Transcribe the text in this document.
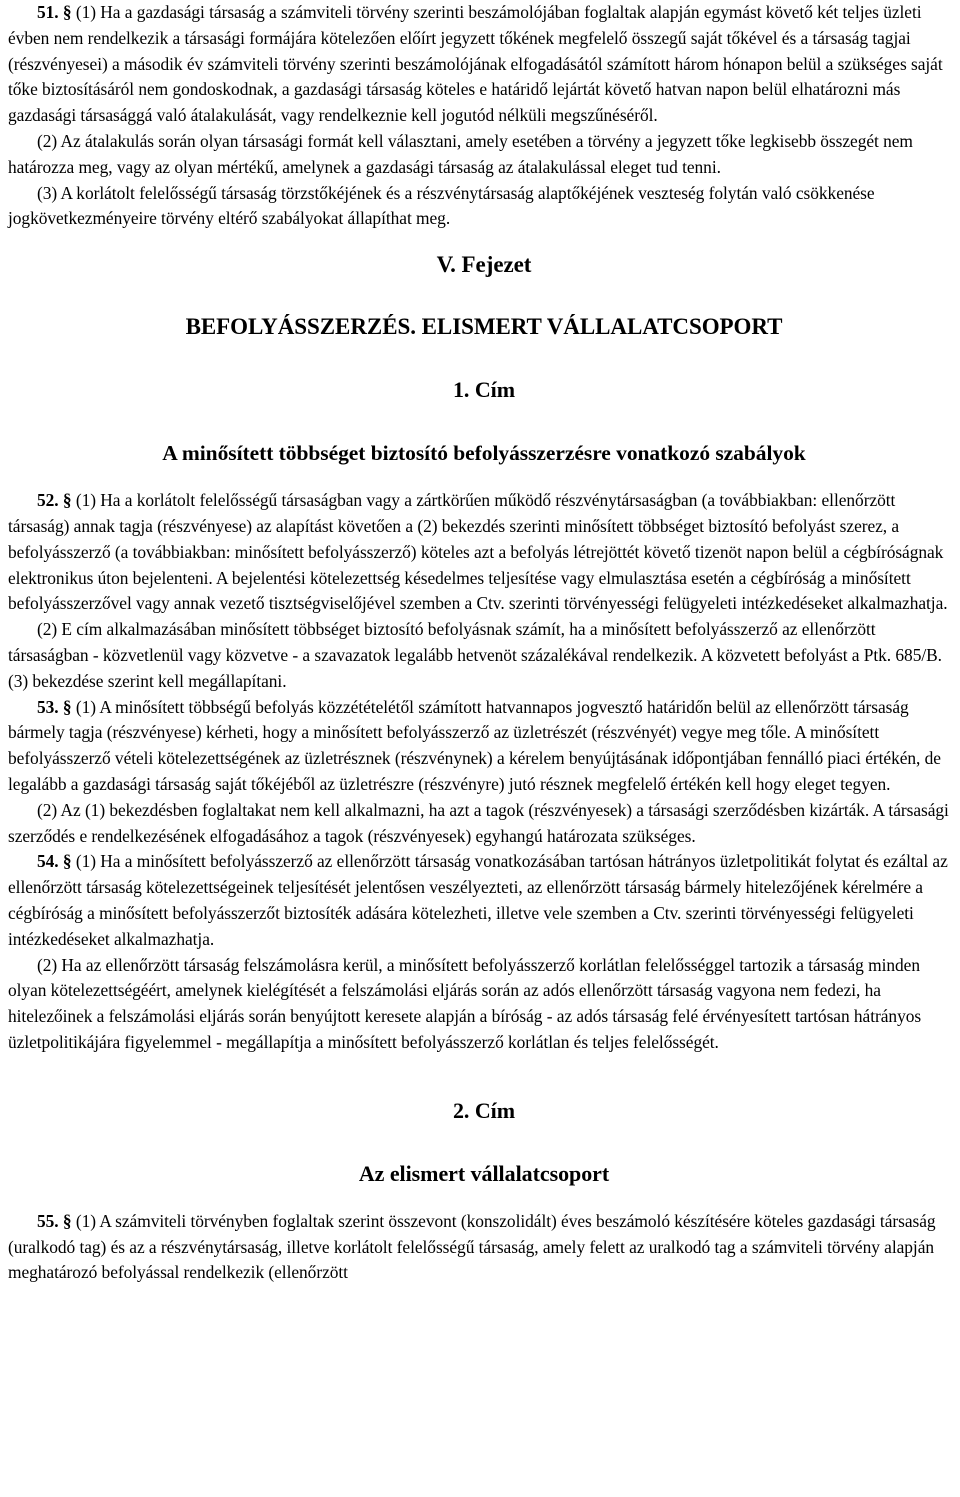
51. § (1) Ha a gazdasági társaság a számviteli törvény szerinti beszámolójában foglaltak alapján egymást követő két teljes üzleti évben nem rendelkezik a társasági formájára kötelezően előírt jegyzett tőkének megfelelő összegű saját tőkével és a társaság tagjai (részvényesei) a második év számviteli törvény szerinti beszámolójának elfogadásától számított három hónapon belül a szükséges saját tőke biztosításáról nem gondoskodnak, a gazdasági társaság köteles e határidő lejártát követő hatvan napon belül elhatározni más gazdasági társasággá való átalakulását, vagy rendelkeznie kell jogutód nélküli megszűnéséről.

(2) Az átalakulás során olyan társasági formát kell választani, amely esetében a törvény a jegyzett tőke legkisebb összegét nem határozza meg, vagy az olyan mértékű, amelynek a gazdasági társaság az átalakulással eleget tud tenni.

(3) A korlátolt felelősségű társaság törzstőkéjének és a részvénytársaság alaptőkéjének veszteség folytán való csökkenése jogkövetkezményeire törvény eltérő szabályokat állapíthat meg.

V. Fejezet

BEFOLYÁSSZERZÉS. ELISMERT VÁLLALATCSOPORT

1. Cím

A minősített többséget biztosító befolyásszerzésre vonatkozó szabályok

52. § (1) Ha a korlátolt felelősségű társaságban vagy a zártkörűen működő részvénytársaságban (a továbbiakban: ellenőrzött társaság) annak tagja (részvényese) az alapítást követően a (2) bekezdés szerinti minősített többséget biztosító befolyást szerez, a befolyásszerző (a továbbiakban: minősített befolyásszerző) köteles azt a befolyás létrejöttét követő tizenöt napon belül a cégbíróságnak elektronikus úton bejelenteni. A bejelentési kötelezettség késedelmes teljesítése vagy elmulasztása esetén a cégbíróság a minősített befolyásszerzővel vagy annak vezető tisztségviselőjével szemben a Ctv. szerinti törvényességi felügyeleti intézkedéseket alkalmazhatja.

(2) E cím alkalmazásában minősített többséget biztosító befolyásnak számít, ha a minősített befolyásszerző az ellenőrzött társaságban - közvetlenül vagy közvetve - a szavazatok legalább hetvenöt százalékával rendelkezik. A közvetett befolyást a Ptk. 685/B. (3) bekezdése szerint kell megállapítani.

53. § (1) A minősített többségű befolyás közzétételétől számított hatvannapos jogvesztő határidőn belül az ellenőrzött társaság bármely tagja (részvényese) kérheti, hogy a minősített befolyásszerző az üzletrészét (részvényét) vegye meg tőle. A minősített befolyásszerző vételi kötelezettségének az üzletrésznek (részvénynek) a kérelem benyújtásának időpontjában fennálló piaci értékén, de legalább a gazdasági társaság saját tőkéjéből az üzletrészre (részvényre) jutó résznek megfelelő értékén kell hogy eleget tegyen.

(2) Az (1) bekezdésben foglaltakat nem kell alkalmazni, ha azt a tagok (részvényesek) a társasági szerződésben kizárták. A társasági szerződés e rendelkezésének elfogadásához a tagok (részvényesek) egyhangú határozata szükséges.

54. § (1) Ha a minősített befolyásszerző az ellenőrzött társaság vonatkozásában tartósan hátrányos üzletpolitikát folytat és ezáltal az ellenőrzött társaság kötelezettségeinek teljesítését jelentősen veszélyezteti, az ellenőrzött társaság bármely hitelezőjének kérelmére a cégbíróság a minősített befolyásszerzőt biztosíték adására kötelezheti, illetve vele szemben a Ctv. szerinti törvényességi felügyeleti intézkedéseket alkalmazhatja.

(2) Ha az ellenőrzött társaság felszámolásra kerül, a minősített befolyásszerző korlátlan felelősséggel tartozik a társaság minden olyan kötelezettségéért, amelynek kielégítését a felszámolási eljárás során az adós ellenőrzött társaság vagyona nem fedezi, ha hitelezőinek a felszámolási eljárás során benyújtott keresete alapján a bíróság - az adós társaság felé érvényesített tartósan hátrányos üzletpolitikájára figyelemmel - megállapítja a minősített befolyásszerző korlátlan és teljes felelősségét.

2. Cím

Az elismert vállalatcsoport

55. § (1) A számviteli törvényben foglaltak szerint összevont (konszolidált) éves beszámoló készítésére köteles gazdasági társaság (uralkodó tag) és az a részvénytársaság, illetve korlátolt felelősségű társaság, amely felett az uralkodó tag a számviteli törvény alapján meghatározó befolyással rendelkezik (ellenőrzött
